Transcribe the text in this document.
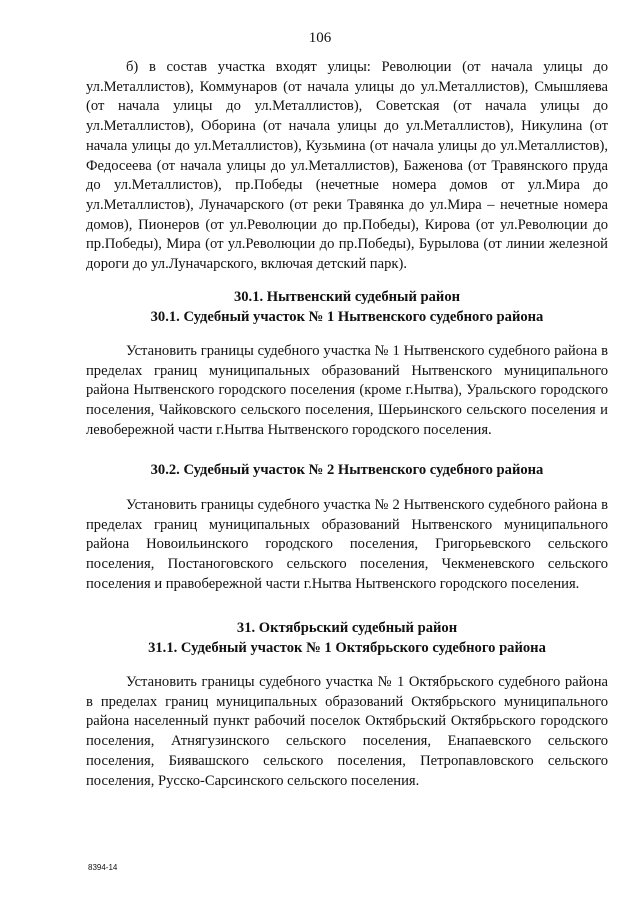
106

б) в состав участка входят улицы: Революции (от начала улицы до ул.Металлистов), Коммунаров (от начала улицы до ул.Металлистов), Смышляева (от начала улицы до ул.Металлистов), Советская (от начала улицы до ул.Металлистов), Оборина (от начала улицы до ул.Металлистов), Никулина (от начала улицы до ул.Металлистов), Кузьмина (от начала улицы до ул.Металлистов), Федосеева (от начала улицы до ул.Металлистов), Баженова (от Травянского пруда до ул.Металлистов), пр.Победы (нечетные номера домов от ул.Мира до ул.Металлистов), Луначарского (от реки Травянка до ул.Мира – нечетные номера домов), Пионеров (от ул.Революции до пр.Победы), Кирова (от ул.Революции до пр.Победы), Мира (от ул.Революции до пр.Победы), Бурылова (от линии железной дороги до ул.Луначарского, включая детский парк).

30.1. Нытвенский судебный район
30.1. Судебный участок № 1 Нытвенского судебного района

Установить границы судебного участка № 1 Нытвенского судебного района в пределах границ муниципальных образований Нытвенского муниципального района Нытвенского городского поселения (кроме г.Нытва), Уральского городского поселения, Чайковского сельского поселения, Шерьинского сельского поселения и левобережной части г.Нытва Нытвенского городского поселения.

30.2. Судебный участок № 2 Нытвенского судебного района

Установить границы судебного участка № 2 Нытвенского судебного района в пределах границ муниципальных образований Нытвенского муниципального района Новоильинского городского поселения, Григорьевского сельского поселения, Постаноговского сельского поселения, Чекменевского сельского поселения и правобережной части г.Нытва Нытвенского городского поселения.

31. Октябрьский судебный район
31.1. Судебный участок № 1 Октябрьского судебного района

Установить границы судебного участка № 1 Октябрьского судебного района в пределах границ муниципальных образований Октябрьского муниципального района населенный пункт рабочий поселок Октябрьский Октябрьского городского поселения, Атнягузинского сельского поселения, Енапаевского сельского поселения, Биявашского сельского поселения, Петропавловского сельского поселения, Русско-Сарсинского сельского поселения.

8394-14
